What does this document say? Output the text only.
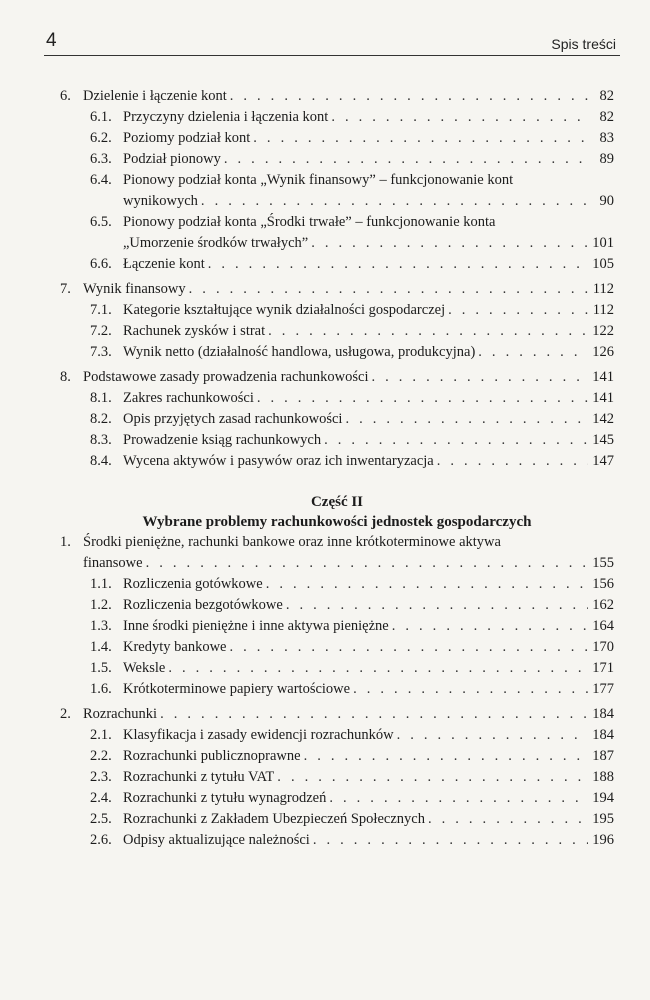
4	Spis treści
6. Dzielenie i łączenie kont . . .	82
6.1. Przyczyny dzielenia i łączenia kont . . .	82
6.2. Poziomy podział kont . . .	83
6.3. Podział pionowy . . .	89
6.4. Pionowy podział konta „Wynik finansowy” – funkcjonowanie kont
wynikowych . . .	90
6.5. Pionowy podział konta „Środki trwałe” – funkcjonowanie konta
„Umorzenie środków trwałych” . . .	101
6.6. Łączenie kont . . .	105
7. Wynik finansowy . . .	112
7.1. Kategorie kształtujące wynik działalności gospodarczej . . .	112
7.2. Rachunek zysków i strat . . .	122
7.3. Wynik netto (działalność handlowa, usługowa, produkcyjna) . . .	126
8. Podstawowe zasady prowadzenia rachunkowości . . .	141
8.1. Zakres rachunkowości . . .	141
8.2. Opis przyjętych zasad rachunkowości . . .	142
8.3. Prowadzenie ksiąg rachunkowych . . .	145
8.4. Wycena aktywów i pasywów oraz ich inwentaryzacja . . .	147
Część II
Wybrane problemy rachunkowości jednostek gospodarczych
1. Środki pieniężne, rachunki bankowe oraz inne krótkoterminowe aktywa
finansowe . . .	155
1.1. Rozliczenia gotówkowe . . .	156
1.2. Rozliczenia bezgotówkowe . . .	162
1.3. Inne środki pieniężne i inne aktywa pieniężne . . .	164
1.4. Kredyty bankowe . . .	170
1.5. Weksle . . .	171
1.6. Krótkoterminowe papiery wartościowe . . .	177
2. Rozrachunki . . .	184
2.1. Klasyfikacja i zasady ewidencji rozrachunków . . .	184
2.2. Rozrachunki publicznoprawne . . .	187
2.3. Rozrachunki z tytułu VAT . . .	188
2.4. Rozrachunki z tytułu wynagrodzeń . . .	194
2.5. Rozrachunki z Zakładem Ubezpieczeń Społecznych . . .	195
2.6. Odpisy aktualizujące należności . . .	196
